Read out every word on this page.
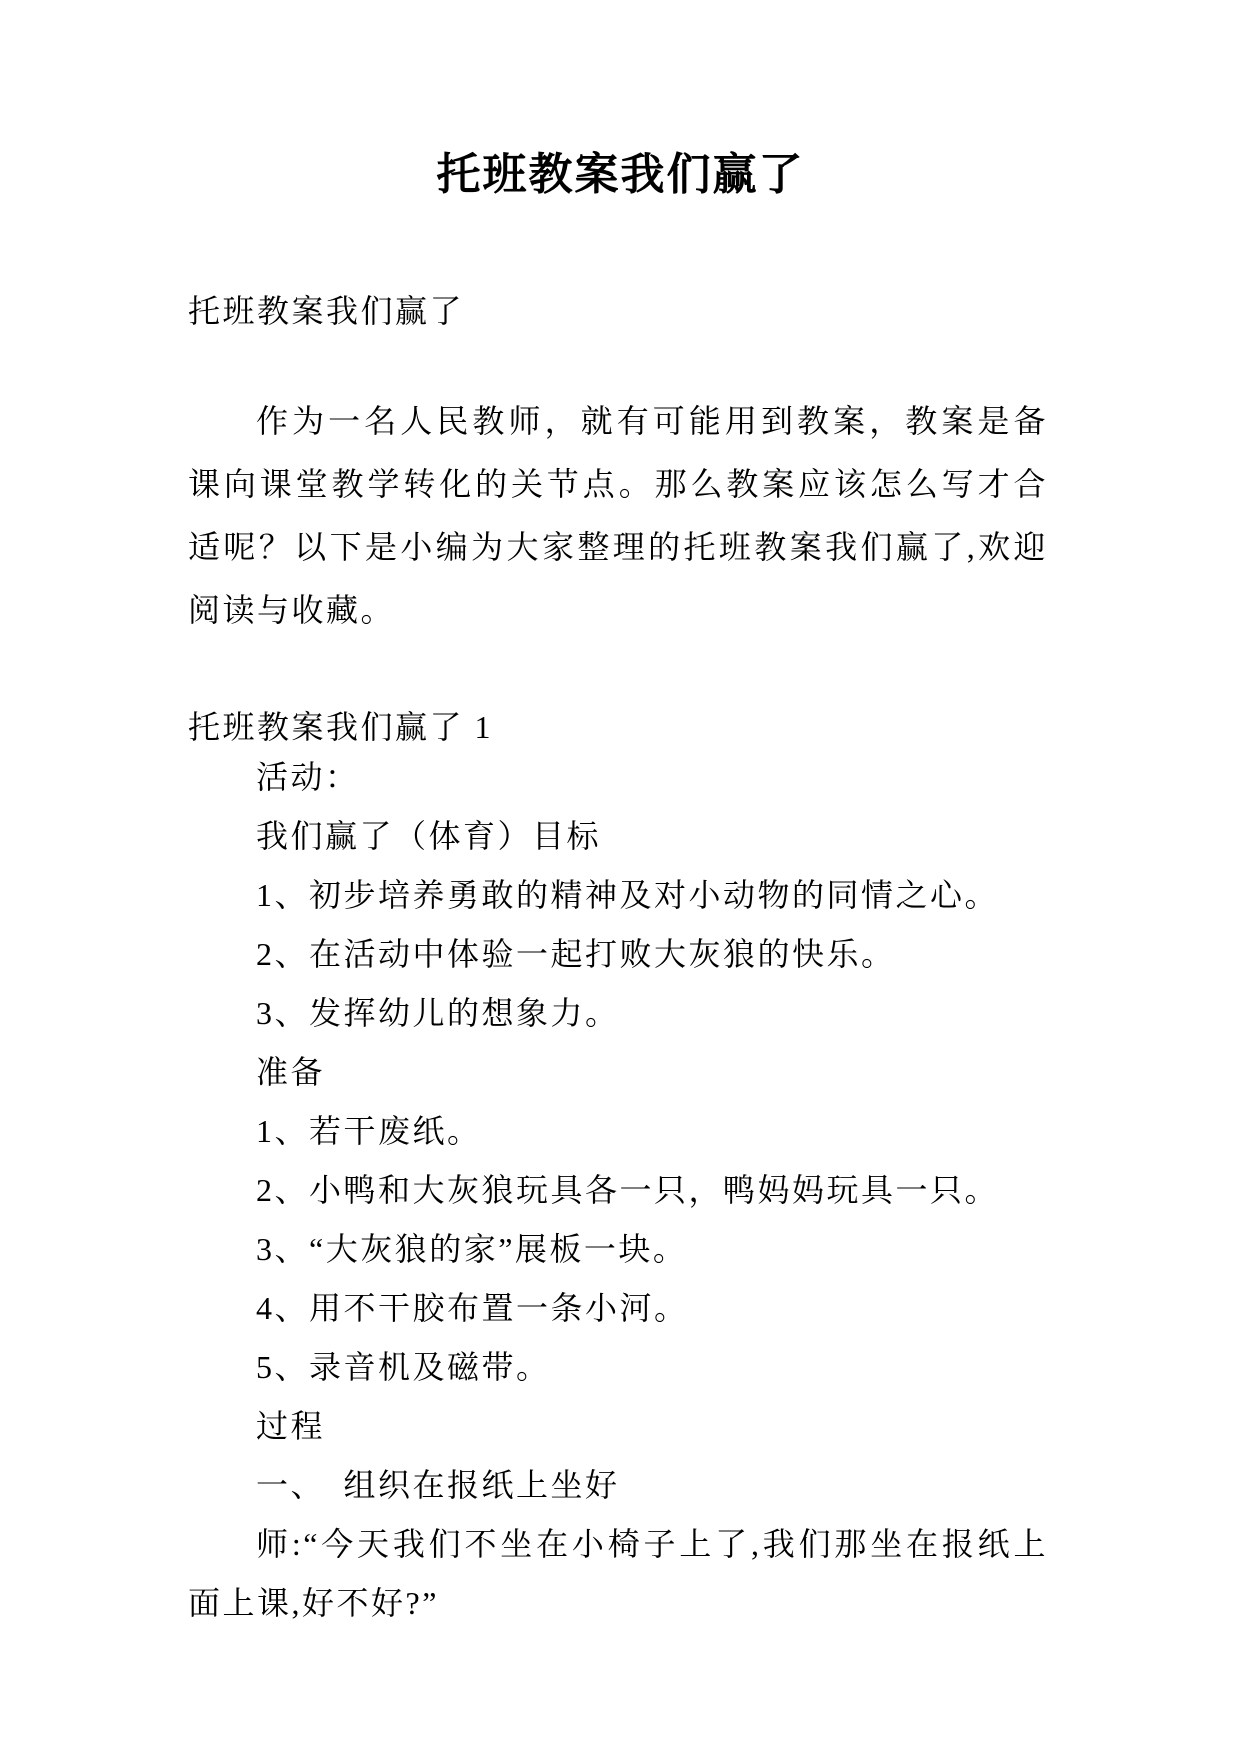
托班教案我们赢了

托班教案我们赢了

作为一名人民教师，就有可能用到教案，教案是备课向课堂教学转化的关节点。那么教案应该怎么写才合适呢？以下是小编为大家整理的托班教案我们赢了,欢迎阅读与收藏。

托班教案我们赢了 1

活动：

我们赢了（体育）目标

1、初步培养勇敢的精神及对小动物的同情之心。

2、在活动中体验一起打败大灰狼的快乐。

3、发挥幼儿的想象力。

准备

1、若干废纸。

2、小鸭和大灰狼玩具各一只，鸭妈妈玩具一只。

3、“大灰狼的家”展板一块。

4、用不干胶布置一条小河。

5、录音机及磁带。

过程

一、　组织在报纸上坐好

师:“今天我们不坐在小椅子上了,我们那坐在报纸上面上课,好不好?”
